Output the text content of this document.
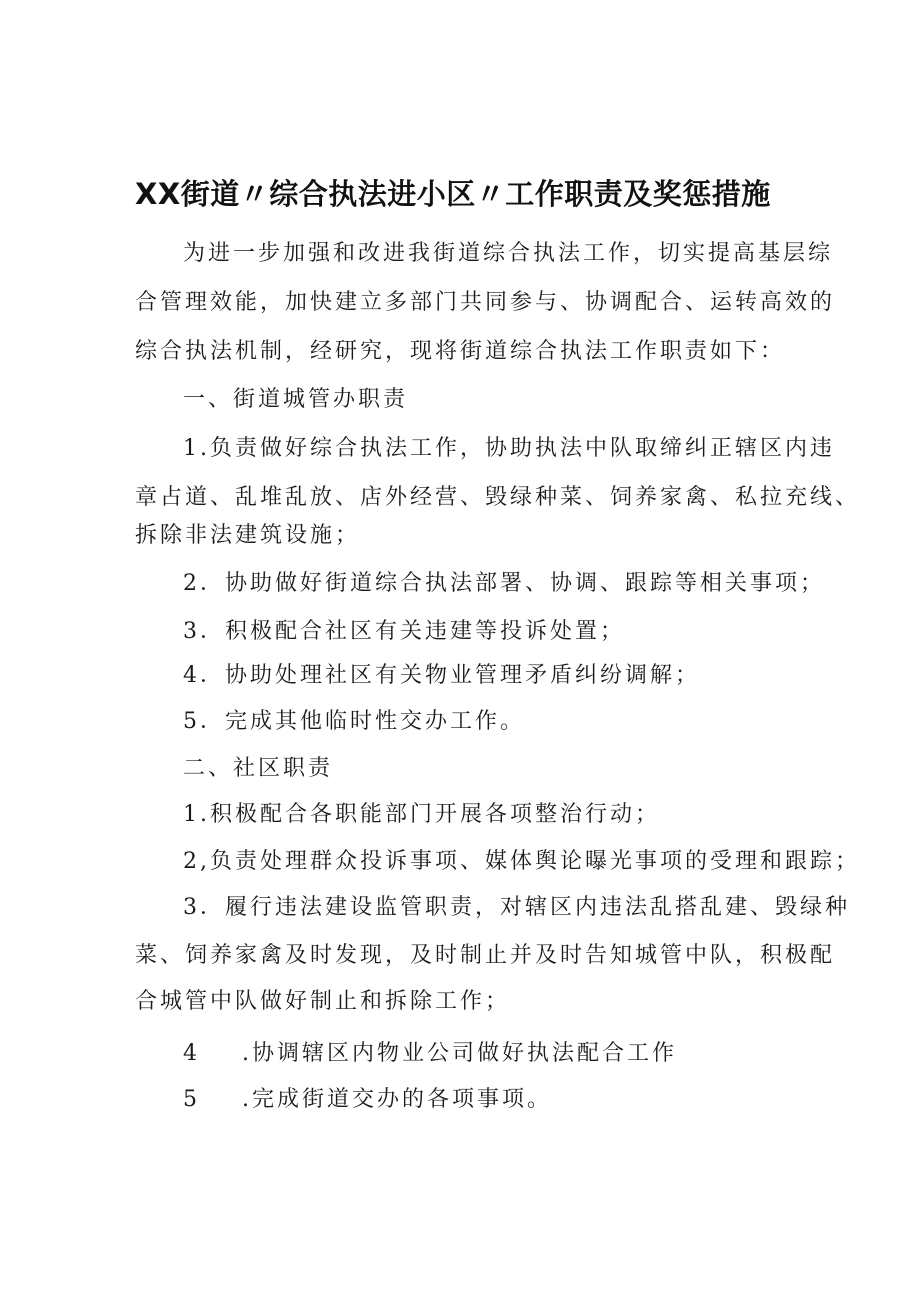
XX街道〃综合执法进小区〃工作职责及奖惩措施
为进一步加强和改进我街道综合执法工作，切实提高基层综
合管理效能，加快建立多部门共同参与、协调配合、运转高效的
综合执法机制，经研究，现将街道综合执法工作职责如下：
一、街道城管办职责
1.负责做好综合执法工作，协助执法中队取缔纠正辖区内违
章占道、乱堆乱放、店外经营、毁绿种菜、饲养家禽、私拉充线、
拆除非法建筑设施；
2．协助做好街道综合执法部署、协调、跟踪等相关事项；
3．积极配合社区有关违建等投诉处置；
4．协助处理社区有关物业管理矛盾纠纷调解；
5．完成其他临时性交办工作。
二、社区职责
1.积极配合各职能部门开展各项整治行动；
2,负责处理群众投诉事项、媒体舆论曝光事项的受理和跟踪；
3．履行违法建设监管职责，对辖区内违法乱搭乱建、毁绿种
菜、饲养家禽及时发现，及时制止并及时告知城管中队，积极配
合城管中队做好制止和拆除工作；
4 .协调辖区内物业公司做好执法配合工作
5 .完成街道交办的各项事项。
